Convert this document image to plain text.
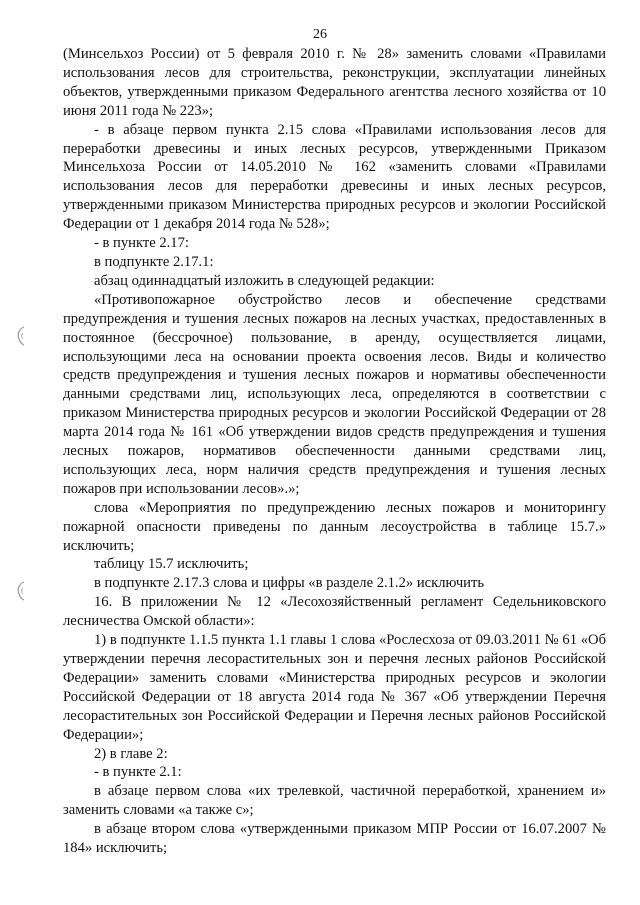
26

(Минсельхоз России) от 5 февраля 2010 г. № 28» заменить словами «Правилами использования лесов для строительства, реконструкции, эксплуатации линейных объектов, утвержденными приказом Федерального агентства лесного хозяйства от 10 июня 2011 года № 223»;

- в абзаце первом пункта 2.15 слова «Правилами использования лесов для переработки древесины и иных лесных ресурсов, утвержденными Приказом Минсельхоза России от 14.05.2010 № 162 «заменить словами «Правилами использования лесов для переработки древесины и иных лесных ресурсов, утвержденными приказом Министерства природных ресурсов и экологии Российской Федерации от 1 декабря 2014 года № 528»;

- в пункте 2.17:

в подпункте 2.17.1:

абзац одиннадцатый изложить в следующей редакции:

«Противопожарное обустройство лесов и обеспечение средствами предупреждения и тушения лесных пожаров на лесных участках, предоставленных в постоянное (бессрочное) пользование, в аренду, осуществляется лицами, использующими леса на основании проекта освоения лесов. Виды и количество средств предупреждения и тушения лесных пожаров и нормативы обеспеченности данными средствами лиц, использующих леса, определяются в соответствии с приказом Министерства природных ресурсов и экологии Российской Федерации от 28 марта 2014 года № 161 «Об утверждении видов средств предупреждения и тушения лесных пожаров, нормативов обеспеченности данными средствами лиц, использующих леса, норм наличия средств предупреждения и тушения лесных пожаров при использовании лесов».»;

слова «Мероприятия по предупреждению лесных пожаров и мониторингу пожарной опасности приведены по данным лесоустройства в таблице 15.7.» исключить;

таблицу 15.7 исключить;

в подпункте 2.17.3 слова и цифры «в разделе 2.1.2» исключить

16. В приложении № 12 «Лесохозяйственный регламент Седельниковского лесничества Омской области»:

1) в подпункте 1.1.5 пункта 1.1 главы 1 слова «Рослесхоза от 09.03.2011 № 61 «Об утверждении перечня лесорастительных зон и перечня лесных районов Российской Федерации» заменить словами «Министерства природных ресурсов и экологии Российской Федерации от 18 августа 2014 года № 367 «Об утверждении Перечня лесорастительных зон Российской Федерации и Перечня лесных районов Российской Федерации»;

2) в главе 2:

- в пункте 2.1:

в абзаце первом слова «их трелевкой, частичной переработкой, хранением и» заменить словами «а также с»;

в абзаце втором слова «утвержденными приказом МПР России от 16.07.2007 № 184» исключить;
